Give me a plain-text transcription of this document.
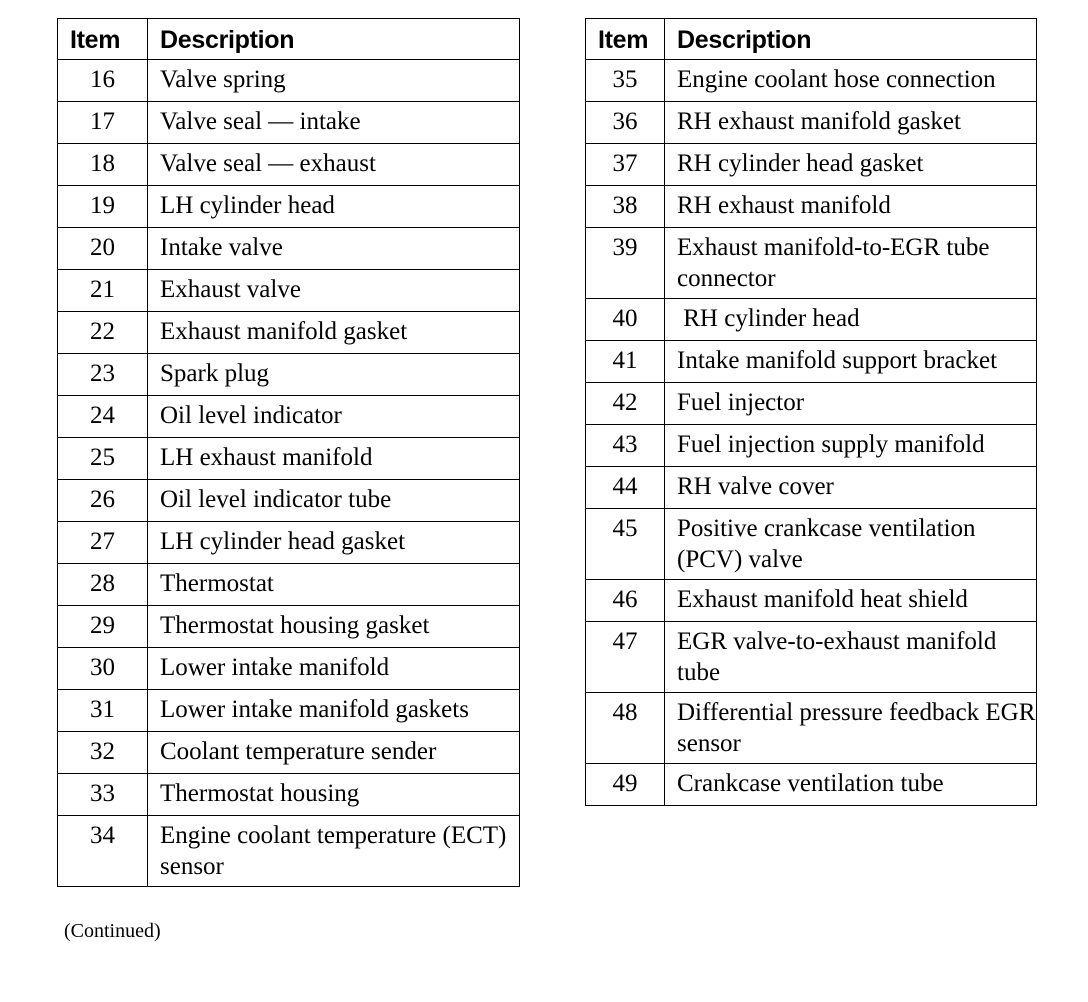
Item	Description
16	Valve spring
17	Valve seal — intake
18	Valve seal — exhaust
19	LH cylinder head
20	Intake valve
21	Exhaust valve
22	Exhaust manifold gasket
23	Spark plug
24	Oil level indicator
25	LH exhaust manifold
26	Oil level indicator tube
27	LH cylinder head gasket
28	Thermostat
29	Thermostat housing gasket
30	Lower intake manifold
31	Lower intake manifold gaskets
32	Coolant temperature sender
33	Thermostat housing
34	Engine coolant temperature (ECT) sensor
Item	Description
35	Engine coolant hose connection
36	RH exhaust manifold gasket
37	RH cylinder head gasket
38	RH exhaust manifold
39	Exhaust manifold-to-EGR tube connector
40	RH cylinder head
41	Intake manifold support bracket
42	Fuel injector
43	Fuel injection supply manifold
44	RH valve cover
45	Positive crankcase ventilation (PCV) valve
46	Exhaust manifold heat shield
47	EGR valve-to-exhaust manifold tube
48	Differential pressure feedback EGR sensor
49	Crankcase ventilation tube
(Continued)
